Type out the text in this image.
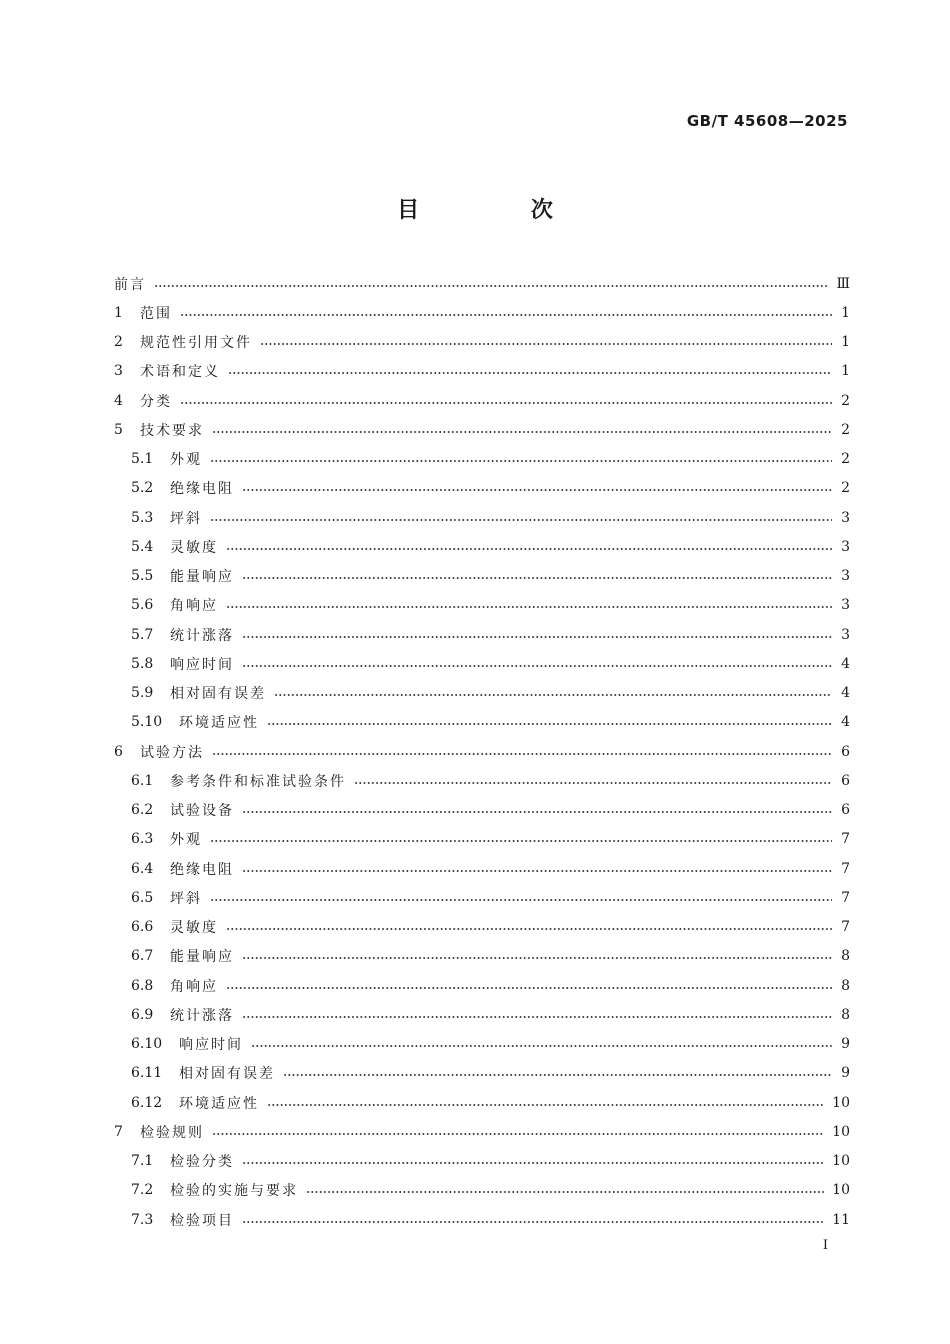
GB/T 45608—2025
目 次
前言	Ⅲ
1	范围	1
2	规范性引用文件	1
3	术语和定义	1
4	分类	2
5	技术要求	2
5.1	外观	2
5.2	绝缘电阻	2
5.3	坪斜	3
5.4	灵敏度	3
5.5	能量响应	3
5.6	角响应	3
5.7	统计涨落	3
5.8	响应时间	4
5.9	相对固有误差	4
5.10	环境适应性	4
6	试验方法	6
6.1	参考条件和标准试验条件	6
6.2	试验设备	6
6.3	外观	7
6.4	绝缘电阻	7
6.5	坪斜	7
6.6	灵敏度	7
6.7	能量响应	8
6.8	角响应	8
6.9	统计涨落	8
6.10	响应时间	9
6.11	相对固有误差	9
6.12	环境适应性	10
7	检验规则	10
7.1	检验分类	10
7.2	检验的实施与要求	10
7.3	检验项目	11
I
